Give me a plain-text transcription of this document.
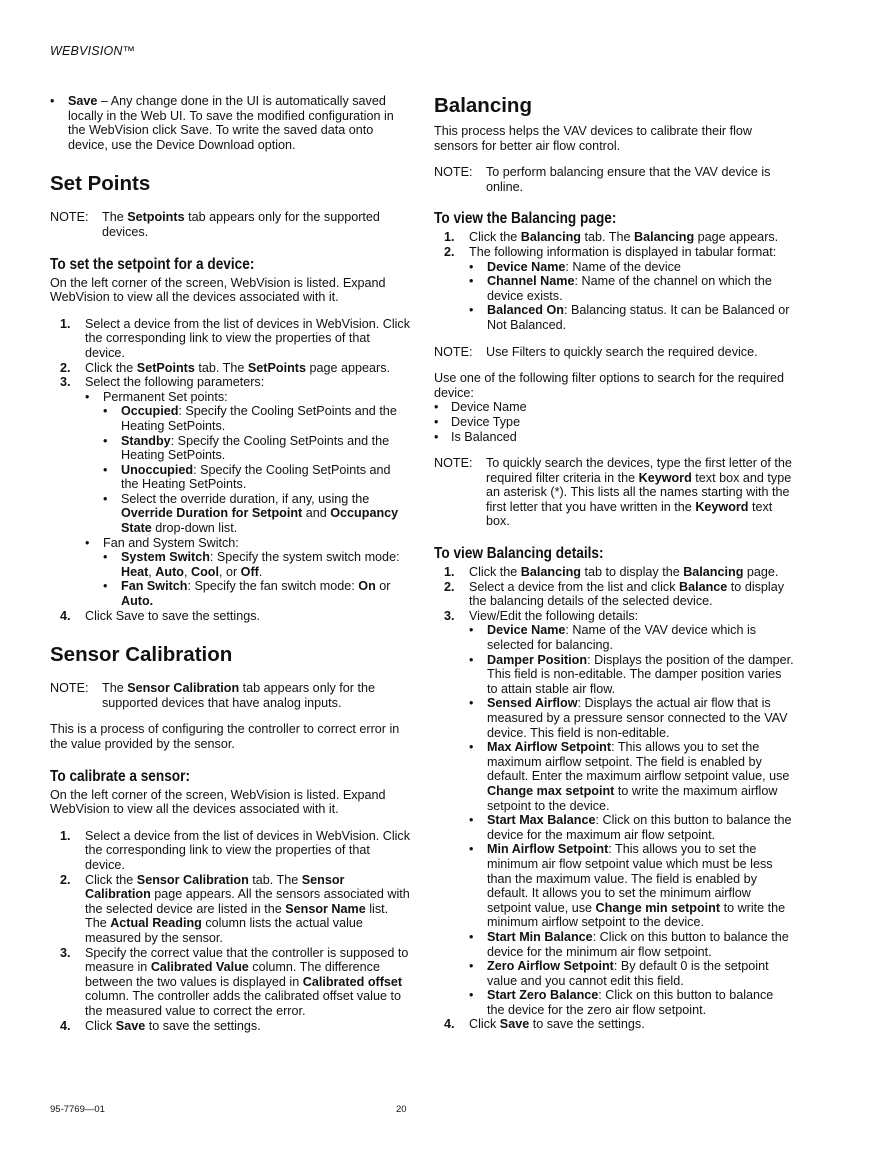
WEBVISION™
•	Save – Any change done in the UI is automatically saved locally in the Web UI. To save the modified configuration in the WebVision click Save. To write the saved data onto device, use the Device Download option.
Set Points
NOTE:	The Setpoints tab appears only for the supported devices.
To set the setpoint for a device:

On the left corner of the screen, WebVision is listed. Expand WebVision to view all the devices associated with it.

1.	Select a device from the list of devices in WebVision. Click the corresponding link to view the properties of that device.
2.	Click the SetPoints tab. The SetPoints page appears.
3.	Select the following parameters:
•	Permanent Set points:
•	Occupied: Specify the Cooling SetPoints and the Heating SetPoints.
•	Standby: Specify the Cooling SetPoints and the Heating SetPoints.
•	Unoccupied: Specify the Cooling SetPoints and the Heating SetPoints.
•	Select the override duration, if any, using the Override Duration for Setpoint and Occupancy State drop-down list.
•	Fan and System Switch:
•	System Switch: Specify the system switch mode: Heat, Auto, Cool, or Off.
•	Fan Switch: Specify the fan switch mode: On or Auto.
4.	Click Save to save the settings.
Sensor Calibration
NOTE:	The Sensor Calibration tab appears only for the supported devices that have analog inputs.

This is a process of configuring the controller to correct error in the value provided by the sensor.

To calibrate a sensor:

On the left corner of the screen, WebVision is listed. Expand WebVision to view all the devices associated with it.

1.	Select a device from the list of devices in WebVision. Click the corresponding link to view the properties of that device.
2.	Click the Sensor Calibration tab. The Sensor Calibration page appears. All the sensors associated with the selected device are listed in the Sensor Name list. The Actual Reading column lists the actual value measured by the sensor.
3.	Specify the correct value that the controller is supposed to measure in Calibrated Value column. The difference between the two values is displayed in Calibrated offset column. The controller adds the calibrated offset value to the measured value to correct the error.
4.	Click Save to save the settings.
Balancing

This process helps the VAV devices to calibrate their flow sensors for better air flow control.

NOTE:	To perform balancing ensure that the VAV device is online.
To view the Balancing page:
1.	Click the Balancing tab. The Balancing page appears.
2.	The following information is displayed in tabular format:
•	Device Name: Name of the device
•	Channel Name: Name of the channel on which the device exists.
•	Balanced On: Balancing status. It can be Balanced or Not Balanced.
NOTE:	Use Filters to quickly search the required device.

Use one of the following filter options to search for the required device:

• Device Name
• Device Type
• Is Balanced
NOTE:	To quickly search the devices, type the first letter of the required filter criteria in the Keyword text box and type an asterisk (*). This lists all the names starting with the first letter that you have written in the Keyword text box.
To view Balancing details:
1.	Click the Balancing tab to display the Balancing page.
2.	Select a device from the list and click Balance to display the balancing details of the selected device.
3.	View/Edit the following details:
•	Device Name: Name of the VAV device which is selected for balancing.
•	Damper Position: Displays the position of the damper. This field is non-editable. The damper position varies to attain stable air flow.
•	Sensed Airflow: Displays the actual air flow that is measured by a pressure sensor connected to the VAV device. This field is non-editable.
•	Max Airflow Setpoint: This allows you to set the maximum airflow setpoint. The field is enabled by default. Enter the maximum airflow setpoint value, use Change max setpoint to write the maximum airflow setpoint to the device.
•	Start Max Balance: Click on this button to balance the device for the maximum air flow setpoint.
•	Min Airflow Setpoint: This allows you to set the minimum air flow setpoint value which must be less than the maximum value. The field is enabled by default. It allows you to set the minimum airflow setpoint value, use Change min setpoint to write the minimum airflow setpoint to the device.
•	Start Min Balance: Click on this button to balance the device for the minimum air flow setpoint.
•	Zero Airflow Setpoint: By default 0 is the setpoint value and you cannot edit this field.
•	Start Zero Balance: Click on this button to balance the device for the zero air flow setpoint.
4.	Click Save to save the settings.
95-7769—01	20
